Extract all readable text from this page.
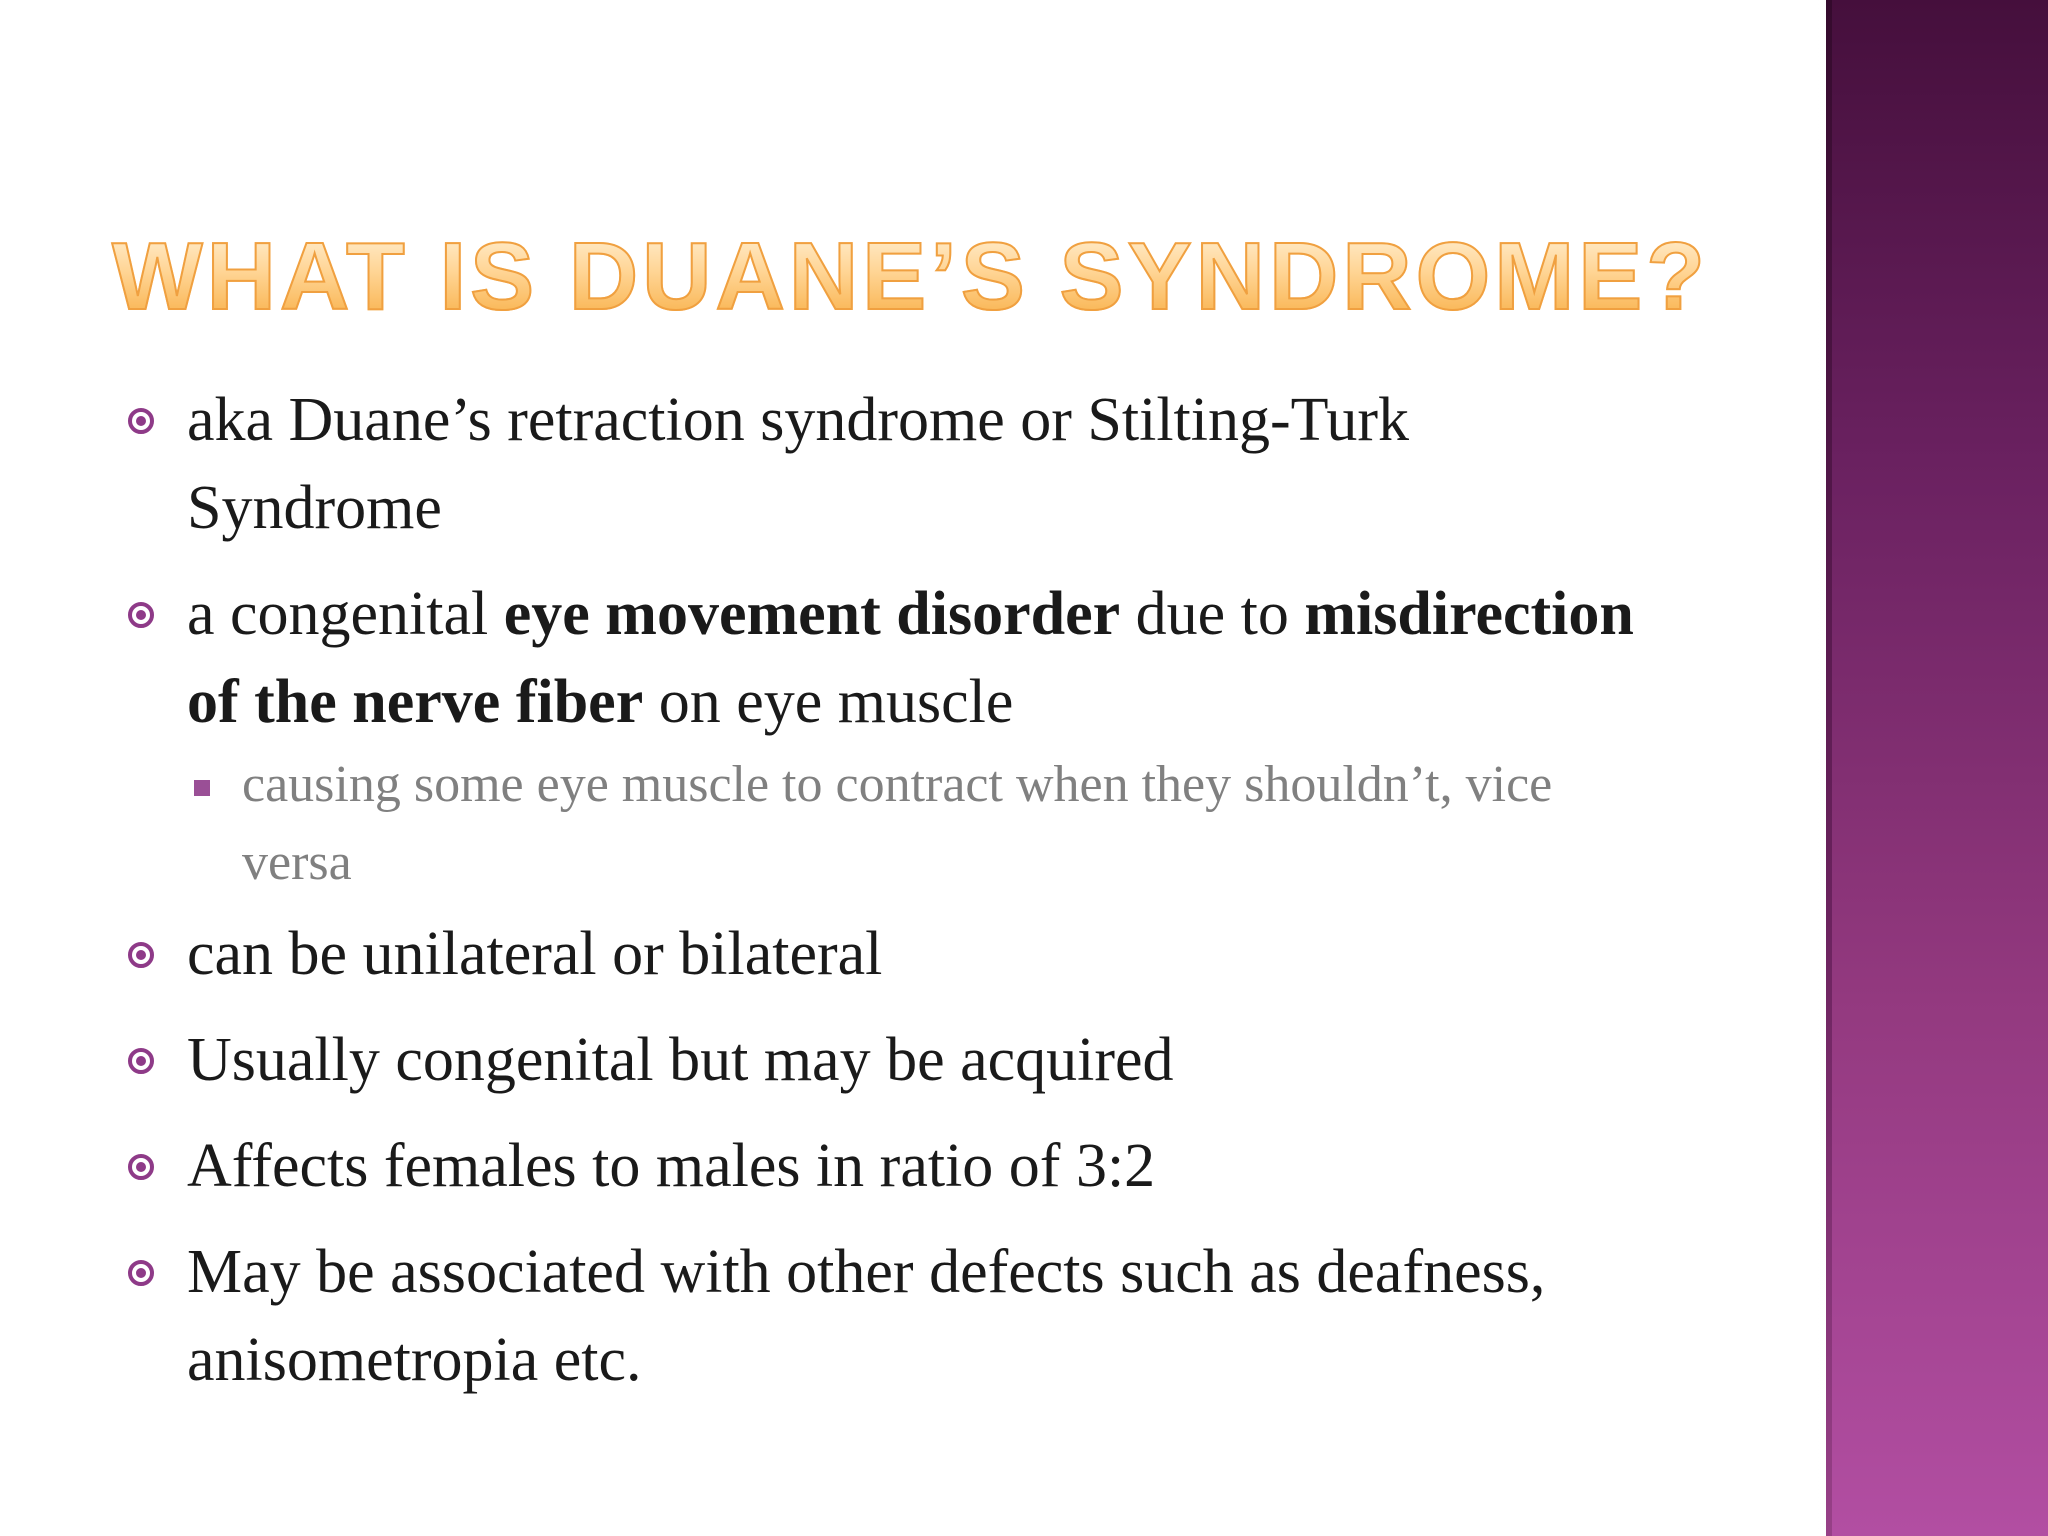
WHAT IS DUANE’S SYNDROME?
aka Duane’s retraction syndrome or Stilting-Turk Syndrome
a congenital eye movement disorder due to misdirection of the nerve fiber on eye muscle
causing some eye muscle to contract when they shouldn’t, vice versa
can be unilateral or bilateral
Usually congenital but may be acquired
Affects females to males in ratio of 3:2
May be associated with other defects such as deafness, anisometropia etc.
